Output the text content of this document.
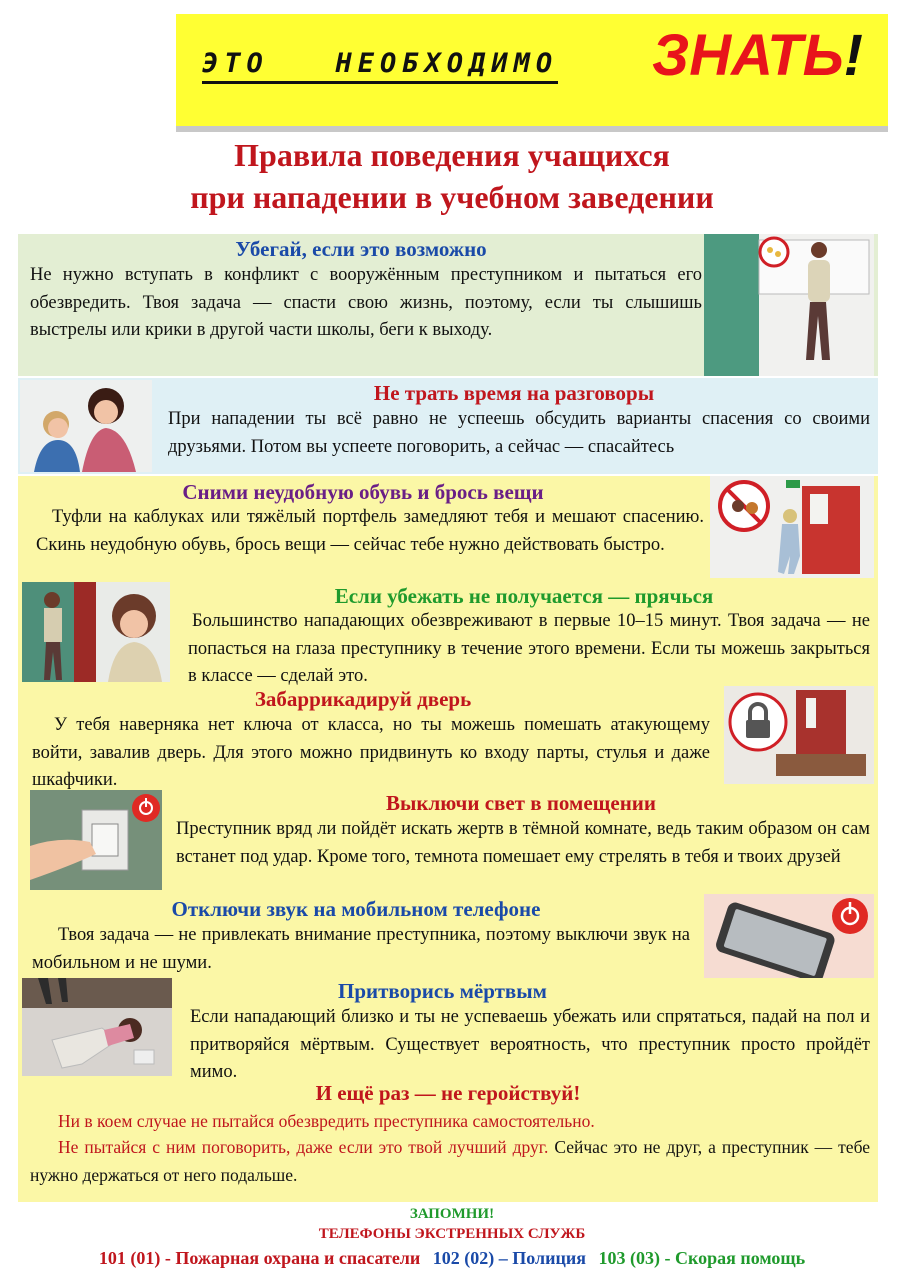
ЭТО   НЕОБХОДИМО ЗНАТЬ!
Правила поведения учащихся
при нападении в учебном заведении
Убегай, если это возможно
Не нужно вступать в конфликт с вооружённым преступником и пытаться его обезвредить. Твоя задача — спасти свою жизнь, поэтому, если ты слышишь выстрелы или крики в другой части школы, беги к выходу.
Не трать время на разговоры
При нападении ты всё равно не успеешь обсудить варианты спасения со своими друзьями. Потом вы успеете поговорить, а сейчас — спасайтесь
Сними неудобную обувь и брось вещи
Туфли на каблуках или тяжёлый портфель замедляют тебя и мешают спасению. Скинь неудобную обувь, брось вещи — сейчас тебе нужно действовать быстро.
Если убежать не получается — прячься
Большинство нападающих обезвреживают в первые 10–15 минут. Твоя задача — не попасться на глаза преступнику в течение этого времени. Если ты можешь закрыться в классе — сделай это.
Забаррикадируй дверь
У тебя наверняка нет ключа от класса, но ты можешь помешать атакующему войти, завалив дверь. Для этого можно придвинуть ко входу парты, стулья и даже шкафчики.
Выключи свет в помещении
Преступник вряд ли пойдёт искать жертв в тёмной комнате, ведь таким образом он сам встанет под удар. Кроме того, темнота помешает ему стрелять в тебя и твоих друзей
Отключи звук на мобильном телефоне
Твоя задача — не привлекать внимание преступника, поэтому выключи звук на мобильном и не шуми.
Притворись мёртвым
Если нападающий близко и ты не успеваешь убежать или спрятаться, падай на пол и притворяйся мёртвым. Существует вероятность, что преступник просто пройдёт мимо.
И ещё раз — не геройствуй!
Ни в коем случае не пытайся обезвредить преступника самостоятельно.
Не пытайся с ним поговорить, даже если это твой лучший друг. Сейчас это не друг, а преступник — тебе нужно держаться от него подальше.
ЗАПОМНИ!
ТЕЛЕФОНЫ ЭКСТРЕННЫХ СЛУЖБ
101 (01) - Пожарная охрана и спасатели 102 (02) – Полиция 103 (03) - Скорая помощь
